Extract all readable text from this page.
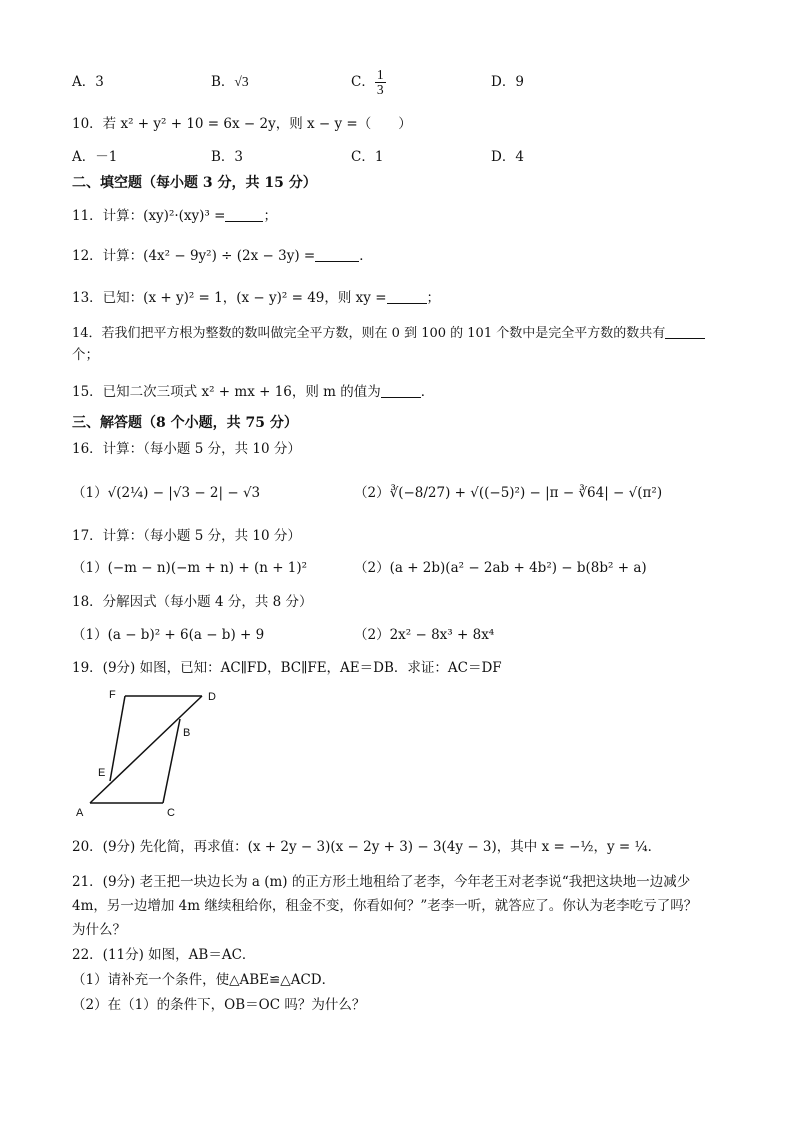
A．3	B．√3	C． $\frac{1}{3}$	D．9
10．若 x² + y² + 10 = 6x − 2y，则 x − y =（　　）
A．－1	B．3	C．1	D．4
二、填空题（每小题 3 分，共 15 分）
11．计算：(xy)²·(xy)³ =	；
12．计算：(4x² − 9y²) ÷ (2x − 3y) =	．
13．已知：(x + y)² = 1，(x − y)² = 49，则 xy =	；
14．若我们把平方根为整数的数叫做完全平方数，则在 0 到 100 的 101 个数中是完全平方数的数共有
个；
15．已知二次三项式 x² + mx + 16，则 m 的值为	．
三、解答题（8 个小题，共 75 分）
16．计算：（每小题 5 分，共 10 分）
（1）√(2¼) − |√3 − 2| − √3	（2）∛(−8/27) + √((−5)²) − |π − ∛64| − √(π²)
17．计算：（每小题 5 分，共 10 分）
（1）(−m − n)(−m + n) + (n + 1)²	（2）(a + 2b)(a² − 2ab + 4b²) − b(8b² + a)
18．分解因式（每小题 4 分，共 8 分）
（1）(a − b)² + 6(a − b) + 9	（2）2x² − 8x³ + 8x⁴
19．(9分) 如图，已知：AC∥FD，BC∥FE，AE＝DB．求证：AC＝DF
F	D
B
E
A	C
20．(9分) 先化简，再求值：(x + 2y − 3)(x − 2y + 3) − 3(4y − 3)，其中 x = −½，y = ¼．
21．(9分) 老王把一块边长为 a (m) 的正方形土地租给了老李，今年老王对老李说“我把这块地一边减少
4m，另一边增加 4m 继续租给你，租金不变，你看如何？”老李一听，就答应了。你认为老李吃亏了吗？
为什么？
22．(11分) 如图，AB＝AC．
（1）请补充一个条件，使△ABE≌△ACD．
（2）在（1）的条件下，OB＝OC 吗？为什么？
